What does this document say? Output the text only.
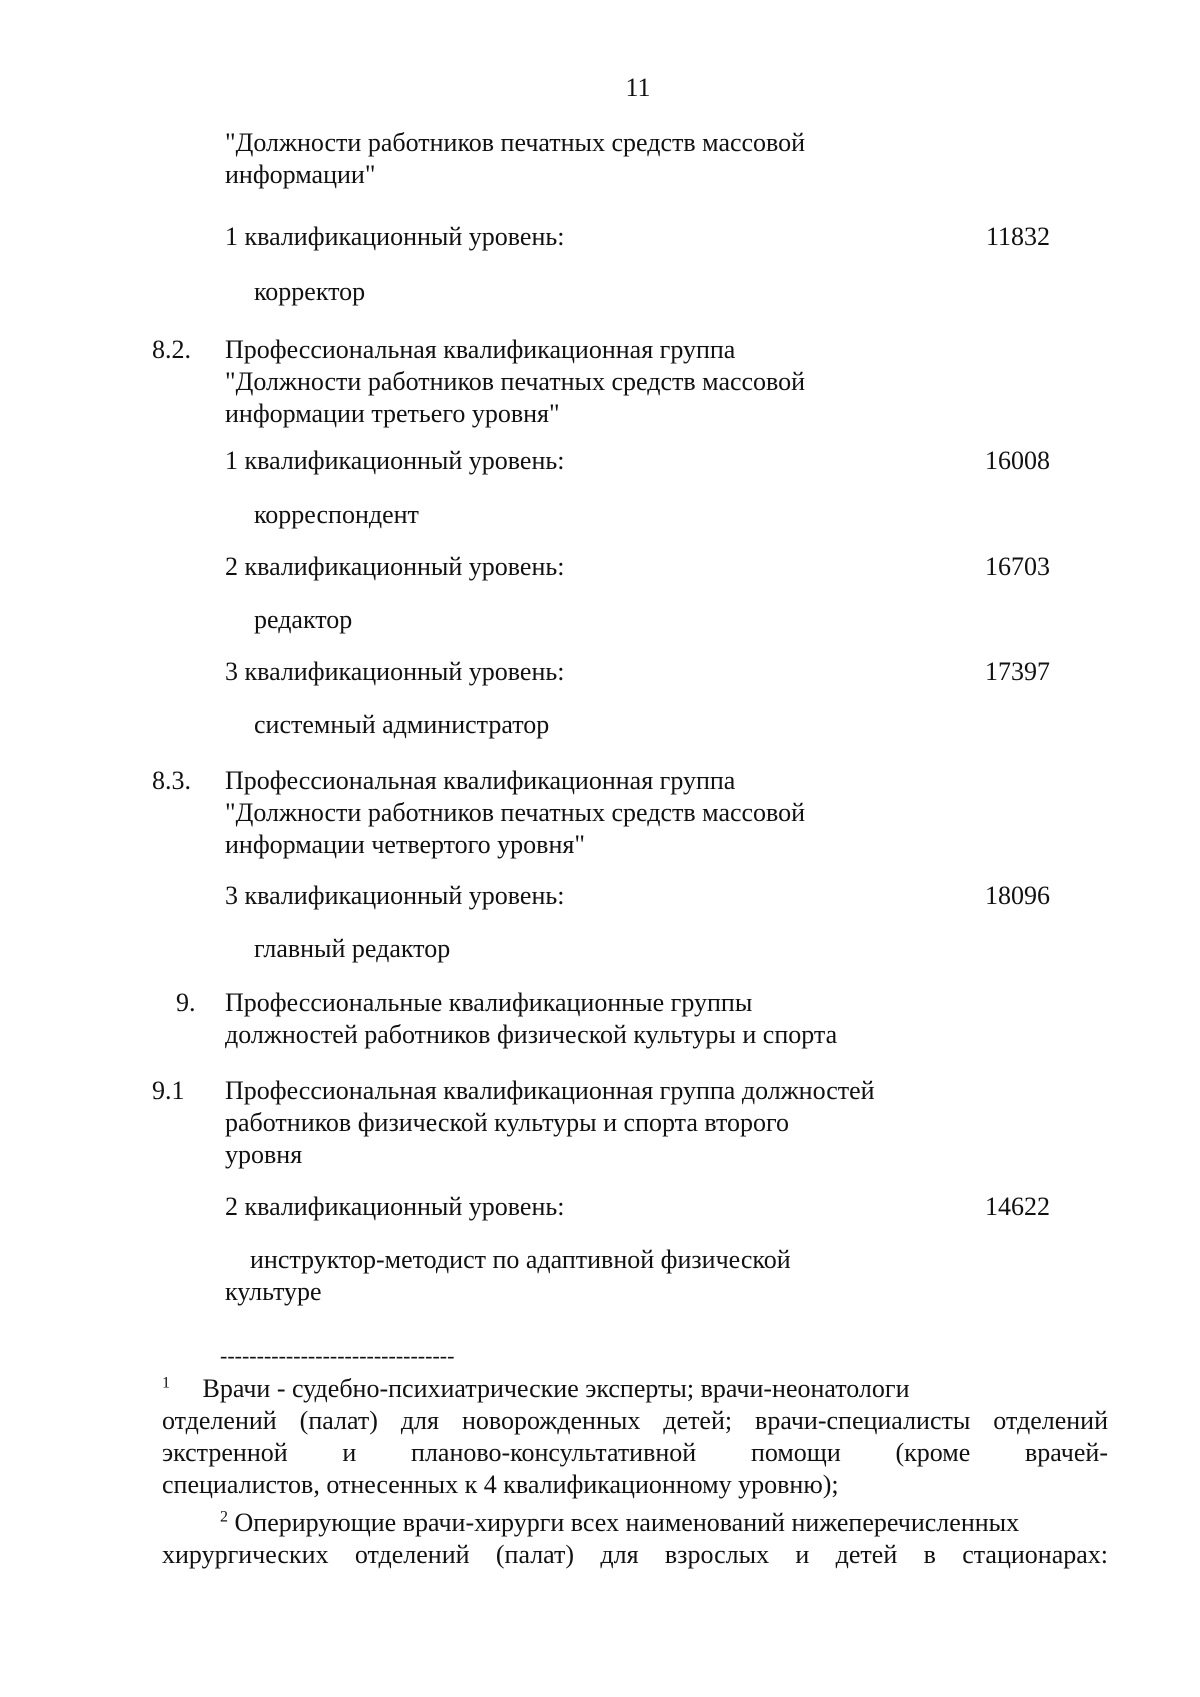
11
"Должности работников печатных средств массовой
информации"
1 квалификационный уровень:	11832
корректор
8.2. Профессиональная квалификационная группа
"Должности работников печатных средств массовой
информации третьего уровня"
1 квалификационный уровень:	16008
корреспондент
2 квалификационный уровень:	16703
редактор
3 квалификационный уровень:	17397
системный администратор
8.3. Профессиональная квалификационная группа
"Должности работников печатных средств массовой
информации четвертого уровня"
3 квалификационный уровень:	18096
главный редактор
9. Профессиональные квалификационные группы
должностей работников физической культуры и спорта
9.1 Профессиональная квалификационная группа должностей
работников физической культуры и спорта второго
уровня
2 квалификационный уровень:	14622
инструктор-методист по адаптивной физической
культуре
--------------------------------
$^1$ Врачи - судебно-психиатрические эксперты; врачи-неонатологи
отделений (палат) для новорожденных детей; врачи-специалисты отделений
экстренной и планово-консультативной помощи (кроме врачей-
специалистов, отнесенных к 4 квалификационному уровню);
$^2$ Оперирующие врачи-хирурги всех наименований нижеперечисленных
хирургических отделений (палат) для взрослых и детей в стационарах:
